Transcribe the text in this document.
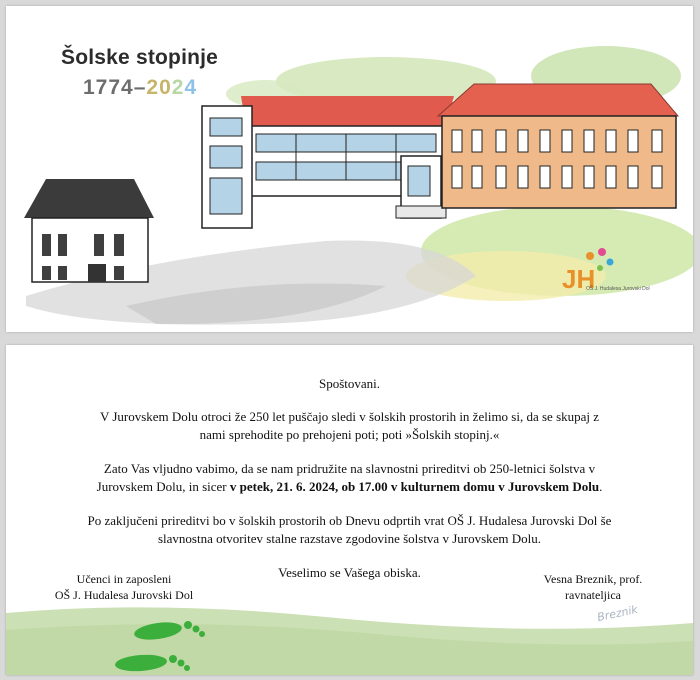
Šolske stopinje
1774–2024
JH
OŠ J. Hudalesa Jurovski Dol

Spoštovani.

V Jurovskem Dolu otroci že 250 let puščajo sledi v šolskih prostorih in želimo si, da se skupaj z nami sprehodite po prehojeni poti; poti »Šolskih stopinj.«

Zato Vas vljudno vabimo, da se nam pridružite na slavnostni prireditvi ob 250-letnici šolstva v Jurovskem Dolu, in sicer v petek, 21. 6. 2024, ob 17.00 v kulturnem domu v Jurovskem Dolu.

Po zaključeni prireditvi bo v šolskih prostorih ob Dnevu odprtih vrat OŠ J. Hudalesa Jurovski Dol še slavnostna otvoritev stalne razstave zgodovine šolstva v Jurovskem Dolu.

Veselimo se Vašega obiska.

Učenci in zaposleni
OŠ J. Hudalesa Jurovski Dol
Vesna Breznik, prof.
ravnateljica
Breznik
